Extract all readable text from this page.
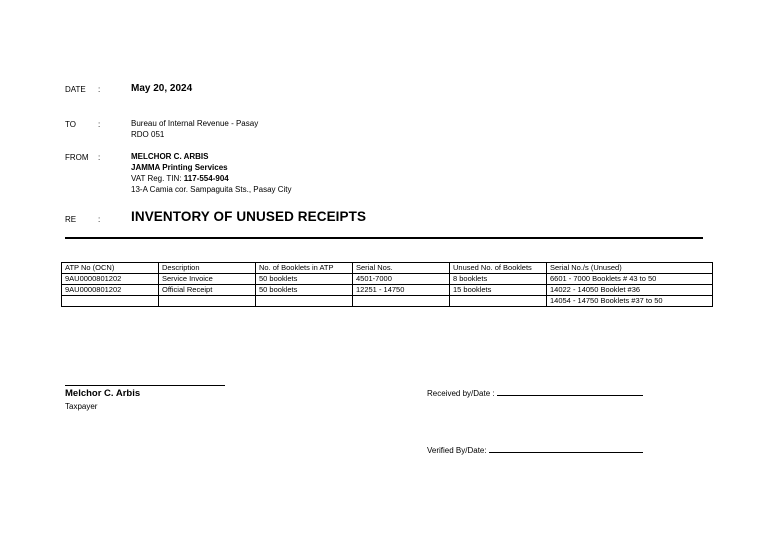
DATE :	May 20, 2024
TO	:	Bureau of Internal Revenue - Pasay
RDO 051
FROM :	MELCHOR C. ARBIS
JAMMA Printing Services
VAT Reg. TIN: 117-554-904
13-A Camia cor. Sampaguita Sts., Pasay City
RE	: INVENTORY OF UNUSED RECEIPTS
ATP No (OCN)	Description	No. of Booklets in ATP	Serial Nos.	Unused No. of Booklets	Serial No./s (Unused)
9AU0000801202	Service Invoice	50 booklets	4501-7000	8 booklets	6601 - 7000 Booklets # 43 to 50
9AU0000801202	Official Receipt	50 booklets	12251 - 14750	15 booklets	14022 - 14050 Booklet #36
					14054 - 14750 Booklets #37 to 50
Melchor C. Arbis
Taxpayer
Received by/Date :
Verified By/Date:
